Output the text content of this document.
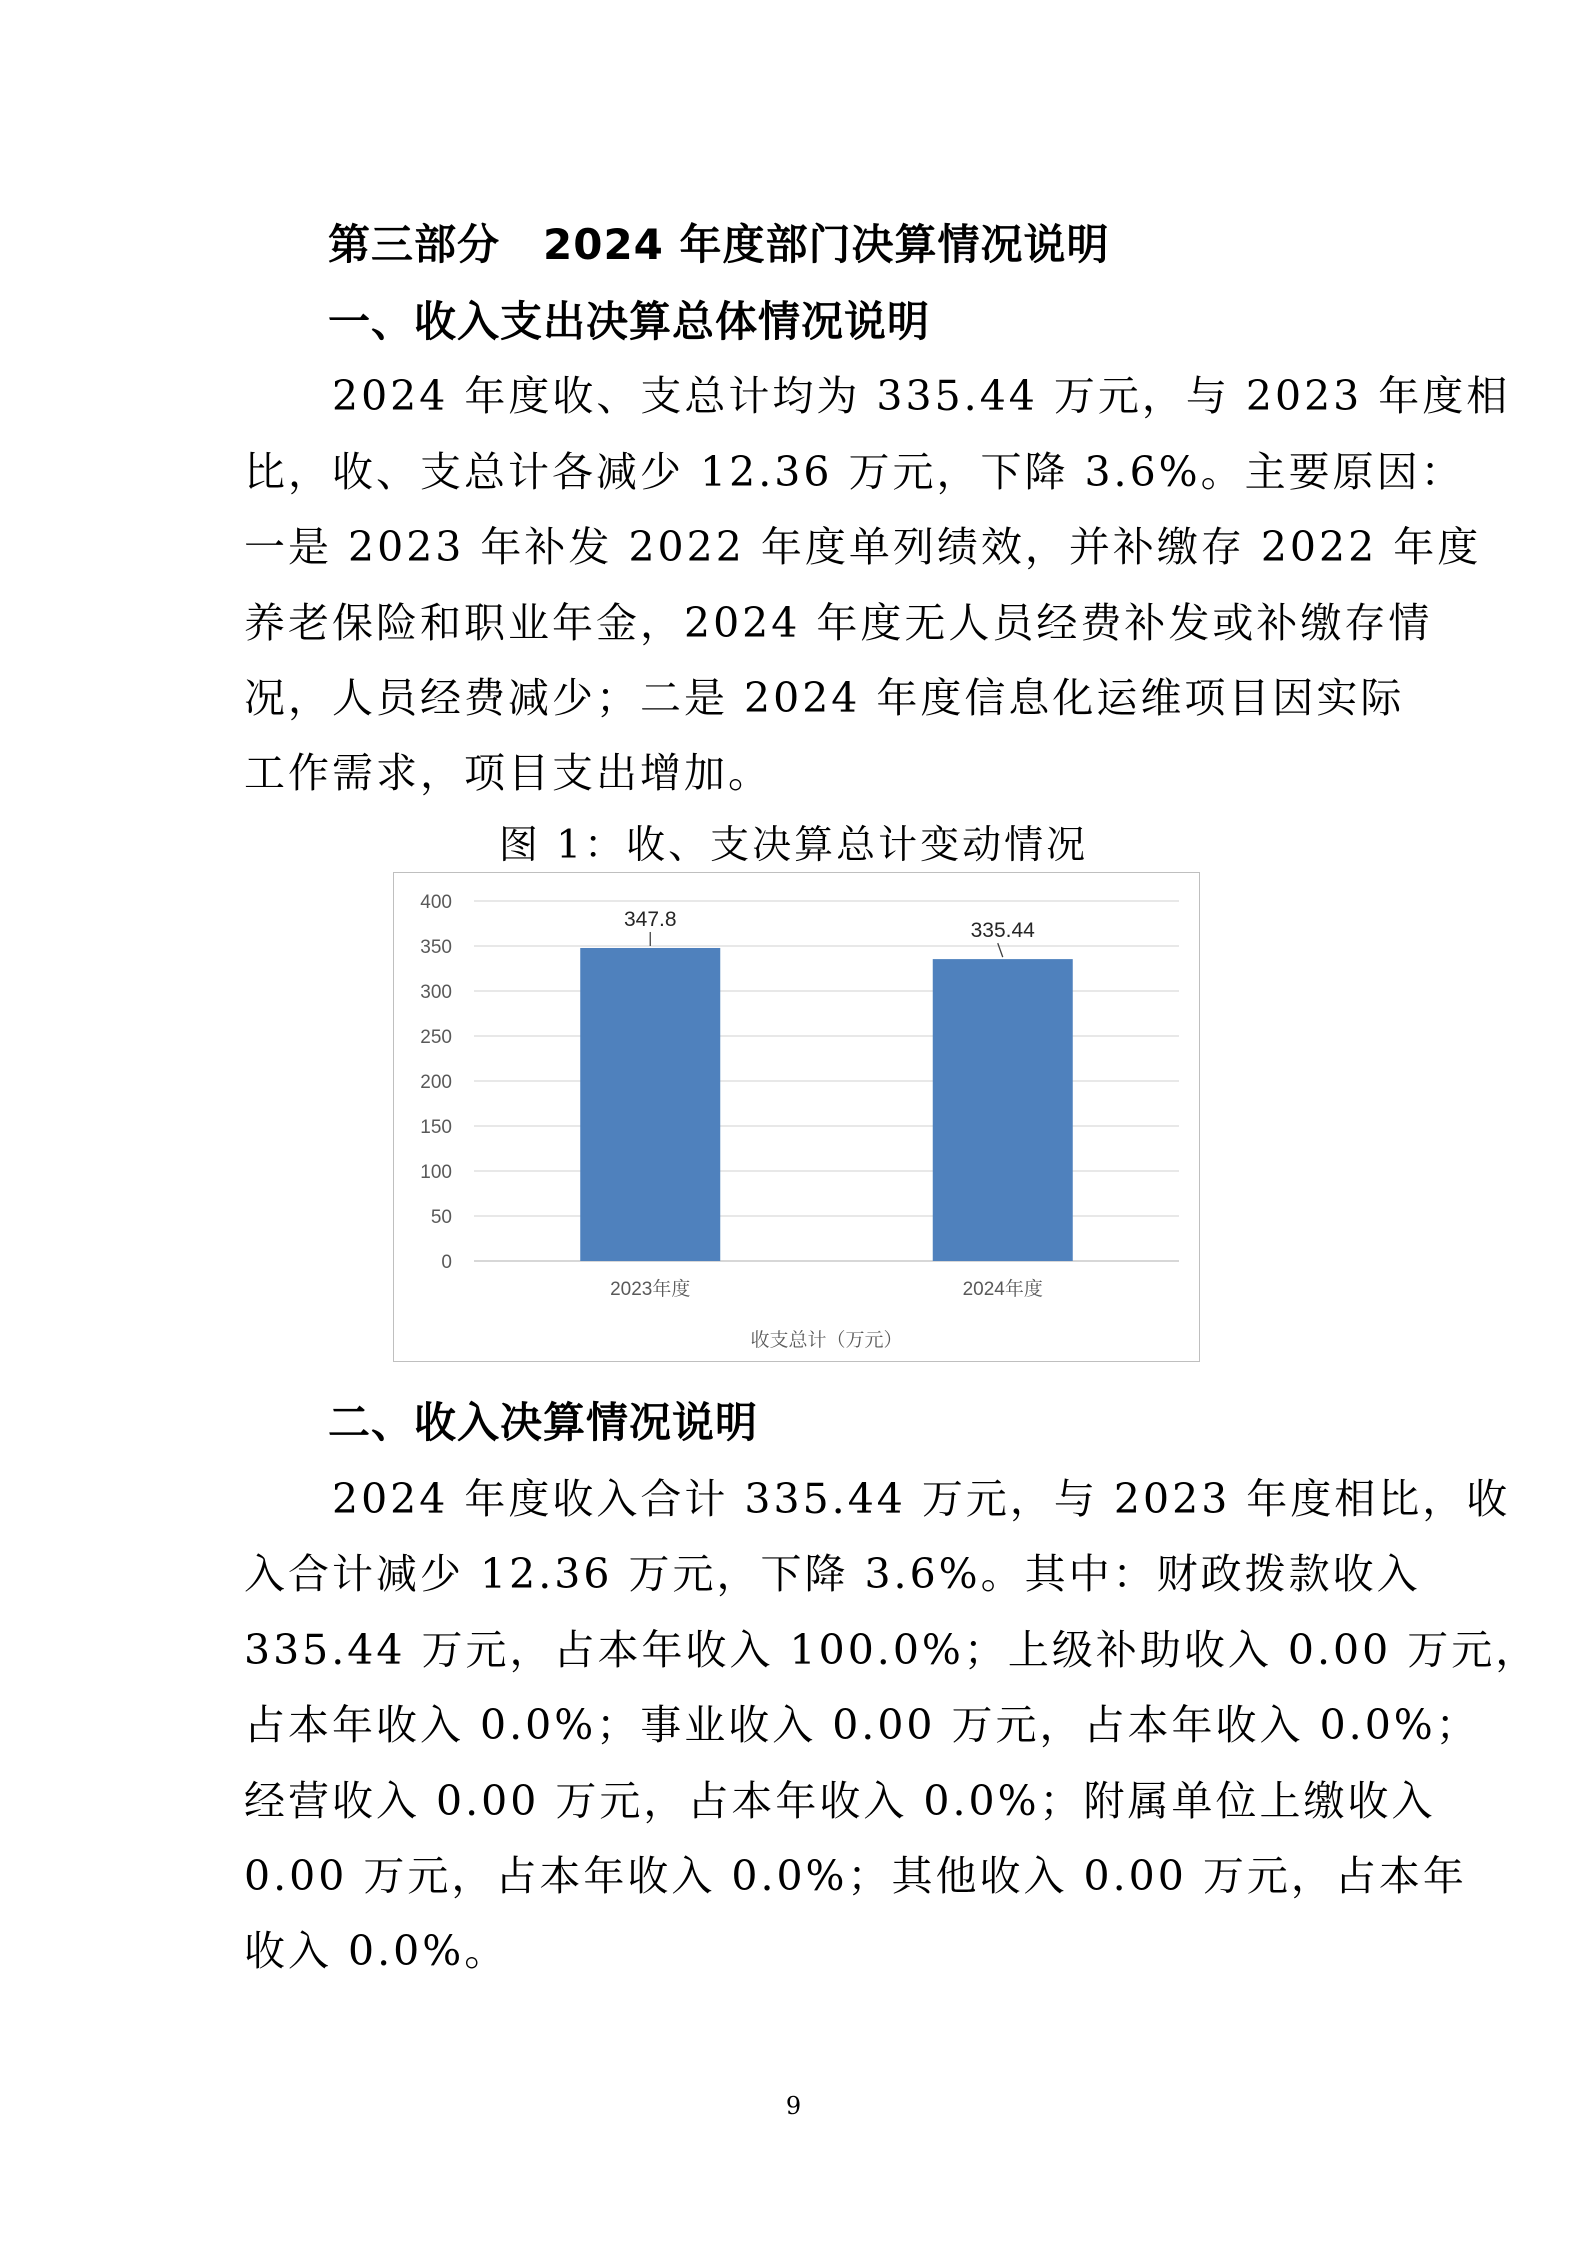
第三部分　2024 年度部门决算情况说明
一、收入支出决算总体情况说明
　　2024 年度收、支总计均为 335.44 万元，与 2023 年度相
比，收、支总计各减少 12.36 万元，下降 3.6%。主要原因：
一是 2023 年补发 2022 年度单列绩效，并补缴存 2022 年度
养老保险和职业年金，2024 年度无人员经费补发或补缴存情
况，人员经费减少；二是 2024 年度信息化运维项目因实际
工作需求，项目支出增加。
图 1：收、支决算总计变动情况
0
50
100
150
200
250
300
350
400
347.8
2023年度
335.44
2024年度
收支总计（万元）
二、收入决算情况说明
　　2024 年度收入合计 335.44 万元，与 2023 年度相比，收
入合计减少 12.36 万元，下降 3.6%。其中：财政拨款收入
335.44 万元，占本年收入 100.0%；上级补助收入 0.00 万元，
占本年收入 0.0%；事业收入 0.00 万元，占本年收入 0.0%；
经营收入 0.00 万元，占本年收入 0.0%；附属单位上缴收入
0.00 万元，占本年收入 0.0%；其他收入 0.00 万元，占本年
收入 0.0%。
9
